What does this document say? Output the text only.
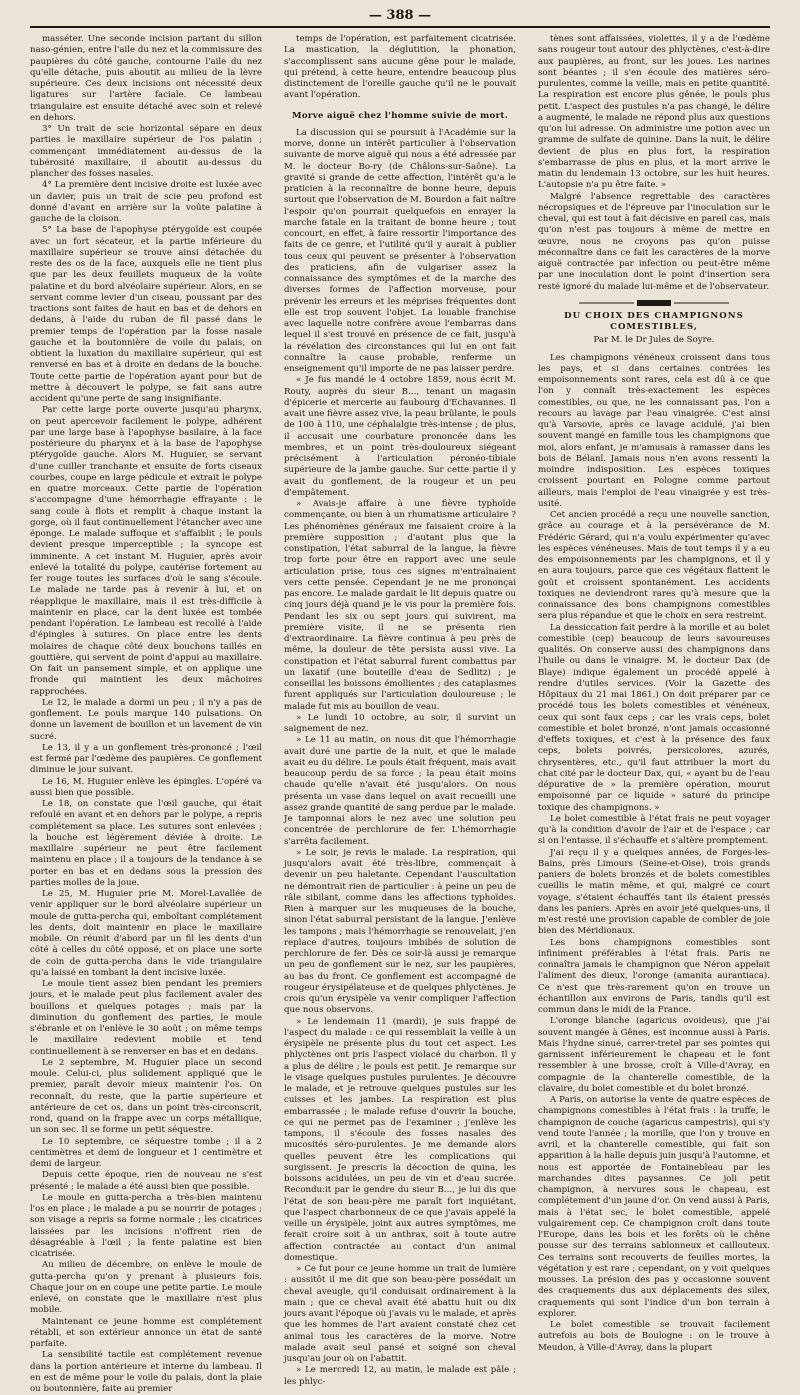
— 388 —

masséter. Une seconde incision partant du sillon naso-génien, entre l'aile du nez et la commissure des paupières du côté gauche, contourne l'aile du nez qu'elle détache, puis aboutit au milieu de la lèvre supérieure. Ces deux incisions ont nécessité deux ligatures sur l'artère faciale. Ce lambeau triangulaire est ensuite détaché avec soin et relevé en dehors.

3° Un trait de scie horizontal sépare en deux parties le maxillaire supérieur de l'os palatin ; commençant immédiatement au-dessus de la tubérosité maxillaire, il aboutit au-dessus du plancher des fosses nasales.

4° La première dent incisive droite est luxée avec un davier, puis un trait de scie peu profond est donné d'avant en arrière sur la voûte palatine à gauche de la cloison.

5° La base de l'apophyse ptérygoïde est coupée avec un fort sécateur, et la partie inférieure du maxillaire supérieur se trouve ainsi détachée du reste des os de la face, auxquels elle ne tient plus que par les deux feuillets muqueux de la voûte palatine et du bord alvéolaire supérieur. Alors, en se servant comme levier d'un ciseau, poussant par des tractions sont faites de haut en bas et de dehors en dedans, à l'aide du ruban de fil passé dans le premier temps de l'opération par la fosse nasale gauche et la boutonnière de voile du palais, on obtient la luxation du maxillaire supérieur, qui est renversé en bas et à droite en dedans de la bouche. Toute cette partie de l'opération ayant pour but de mettre à découvert le polype, se fait sans autre accident qu'une perte de sang insignifiante.

Par cette large porte ouverte jusqu'au pharynx, on peut apercevoir facilement le polype, adhérent par une large base à l'apophyse basilaire, à la face postérieure du pharynx et à la base de l'apophyse ptérygoïde gauche. Alors M. Huguier, se servant d'une cuiller tranchante et ensuite de forts ciseaux courbes, coupe en large pédicule et extrait le polype en quatre morceaux. Cette partie de l'opération s'accompagne d'une hémorrhagie effrayante : le sang coule à flots et remplit à chaque instant la gorge, où il faut continuellement l'étancher avec une éponge. Le malade suffoque et s'affaiblit ; le pouls devient presque imperceptible ; la syncope est imminente. A cet instant M. Huguier, après avoir enlevé la totalité du polype, cautérise fortement au fer rouge toutes les surfaces d'où le sang s'écoule. Le malade ne tarde pas à revenir à lui, et on réapplique le maxillaire, mais il est très-difficile à maintenir en place, car la dent luxée est tombée pendant l'opération. Le lambeau est recollé à l'aide d'épingles à sutures. On place entre les dents molaires de chaque côté deux bouchons taillés en gouttière, qui servent de point d'appui au maxillaire. On fait un pansement simple, et on applique une fronde qui maintient les deux mâchoires rapprochées.

Le 12, le malade a dormi un peu ; il n'y a pas de gonflement. Le pouls marque 140 pulsations. On donne un lavement de bouillon et un lavement de vin sucré.

Le 13, il y a un gonflement très-prononcé ; l'œil est fermé par l'œdème des paupières. Ce gonflement diminue le jour suivant.

Le 16, M. Huguier enlève les épingles. L'opéré va aussi bien que possible.

Le 18, on constate que l'œil gauche, qui était refoulé en avant et en dehors par le polype, a repris complétement sa place. Les sutures sont enlevées ; la bouche est légèrement déviée à droite. Le maxillaire supérieur ne peut être facilement maintenu en place ; il a toujours de la tendance à se porter en bas et en dedans sous la pression des parties molles de la joue.

Le 25, M. Huguier prie M. Morel-Lavallée de venir appliquer sur le bord alvéolaire supérieur un moule de gutta-percha qui, emboîtant complétement les dents, doit maintenir en place le maxillaire mobile. On réunit d'abord par un fil les dents d'un côté à celles du côté opposé, et on place une sorte de coin de gutta-percha dans le vide triangulaire qu'a laissé en tombant la dent incisive luxée.

Le moule tient assez bien pendant les premiers jours, et le malade peut plus facilement avaler des bouillons et quelques potages ; mais par la diminution du gonflement des parties, le moule s'ébranle et on l'enlève le 30 août ; on même temps le maxillaire redevient mobile et tend continuellement à se renverser en bas et en dedans.

Le 2 septembre, M. Huguier place un second moule. Celui-ci, plus solidement appliqué que le premier, paraît devoir mieux maintenir l'os. On reconnaît, du reste, que la partie supérieure et antérieure de cet os, dans un point très-circonscrit, rond, quand on la frappe avec un corps métallique, un son sec. Il se forme un petit séquestre.

Le 10 septembre, ce séquestre tombe ; il a 2 centimètres et demi de longueur et 1 centimètre et demi de largeur.

Depuis cette époque, rien de nouveau ne s'est présenté ; le malade a été aussi bien que possible.

Le moule en gutta-percha a très-bien maintenu l'os en place ; le malade a pu se nourrir de potages ; son visage a repris sa forme normale ; les cicatrices laissées par les incisions n'offrent rien de désagréable à l'œil ; la fente palatine est bien cicatrisée.

Au milieu de décembre, on enlève le moule de gutta-percha qu'on y prenant à plusieurs fois. Chaque jour on en coupe une petite partie. Le moule enlevé, on constate que le maxillaire n'est plus mobile.

Maintenant ce jeune homme est complétement rétabli, et son extérieur annonce un état de santé parfaite.

La sensibilité tactile est complétement revenue dans la portion antérieure et interne du lambeau. Il en est de même pour le voile du palais, dont la plaie ou boutonnière, faite au premier

temps de l'opération, est parfaitement cicatrisée. La mastication, la déglutition, la phonation, s'accomplissent sans aucune gêne pour le malade, qui prétend, à cette heure, entendre beaucoup plus distinctement de l'oreille gauche qu'il ne le pouvait avant l'opération.

Morve aiguë chez l'homme suivie de mort.

La discussion qui se poursuit à l'Académie sur la morve, donne un intérêt particulier à l'observation suivante de morve aiguë qui nous a été adressée par M. le docteur Bo-ry (de Châlons-sur-Saône). La gravité si grande de cette affection, l'intérêt qu'a le praticien à la reconnaître de bonne heure, depuis surtout que l'observation de M. Bourdon a fait naître l'espoir qu'on pourrait quelquefois en enrayer la marche fatale en la traitant de bonne heure ; tout concourt, en effet, à faire ressortir l'importance des faits de ce genre, et l'utilité qu'il y aurait à publier tous ceux qui peuvent se présenter à l'observation des praticiens, afin de vulgariser assez la connaissance des symptômes et de la marche des diverses formes de l'affection morveuse, pour prévenir les erreurs et les méprises fréquentes dont elle est trop souvent l'objet. La louable franchise avec laquelle notre confrère avoue l'embarras dans lequel il s'est trouvé en présence de ce fait, jusqu'à la révélation des circonstances qui lui en ont fait connaître la cause probable, renferme un enseignement qu'il importe de ne pas laisser perdre.

« Je fus mandé le 4 octobre 1859, nous écrit M. Routy, auprès du sieur B…, tenant un magasin d'épicerie et mercerie au faubourg d'Echavannes. Il avait une fièvre assez vive, la peau brûlante, le pouls de 100 à 110, une céphalalgie très-intense ; de plus, il accusait une courbature prononcée dans les membres, et un point très-douloureux siégeant précisément à l'articulation péronéo-tibiale supérieure de la jambe gauche. Sur cette partie il y avait du gonflement, de la rougeur et un peu d'empâtement.

» Avais-je affaire à une fièvre typhoïde commençante, ou bien à un rhumatisme articulaire ? Les phénomènes généraux me faisaient croire à la première supposition ; d'autant plus que la constipation, l'état saburral de la langue, la fièvre trop forte pour être en rapport avec une seule articulation prise, tous ces signes m'entraînaient vers cette pensée. Cependant je ne me prononçai pas encore. Le malade gardait le lit depuis quatre ou cinq jours déjà quand je le vis pour la première fois. Pendant les six ou sept jours qui suivirent, ma première visite, il ne se présenta rien d'extraordinaire. La fièvre continua à peu près de même, la douleur de tête persista aussi vive. La constipation et l'état saburral furent combattus par un laxatif (une bouteille d'eau de Sedlitz) ; je conseillai les boissons émollientes ; des cataplasmes furent appliqués sur l'articulation douloureuse ; le malade fut mis au bouillon de veau.

» Le lundi 10 octobre, au soir, il survint un saignement de nez.

» Le 11 au matin, on nous dit que l'hémorrhagie avait duré une partie de la nuit, et que le malade avait eu du délire. Le pouls était fréquent, mais avait beaucoup perdu de sa force ; la peau était moins chaude qu'elle n'avait été jusqu'alors. On nous présenta un vase dans lequel on avait recueilli une assez grande quantité de sang perdue par le malade. Je tamponnai alors le nez avec une solution peu concentrée de perchlorure de fer. L'hémorrhagie s'arrêta facilement.

» Le soir, je revis le malade. La respiration, qui jusqu'alors avait été très-libre, commençait à devenir un peu haletante. Cependant l'auscultation ne démontrait rien de particulier : à peine un peu de râle sibilant, comme dans les affections typhoïdes. Rien à marquer sur les muqueuses de la bouche, sinon l'état saburral persistant de la langue. J'enlève les tampons ; mais l'hémorrhagie se renouvelait, j'en replace d'autres, toujours imbibés de solution de perchlorure de fer. Dès ce soir-là aussi je remarque un peu de gonflement sur le nez, sur les paupières, au bas du front. Ce gonflement est accompagné de rougeur érysipélateuse et de quelques phlyctènes. Je crois qu'un érysipèle va venir compliquer l'affection que nous observons.

» Le lendemain 11 (mardi), je suis frappé de l'aspect du malade : ce qui ressemblait la veille à un érysipèle ne présente plus du tout cet aspect. Les phlyctènes ont pris l'aspect violacé du charbon. Il y a plus de délire ; le pouls est petit. Je remarque sur le visage quelques pustules purulentes. Je découvre le malade, et je retrouve quelques pustules sur les cuisses et les jambes. La respiration est plus embarrassée ; le malade refuse d'ouvrir la bouche, ce qui ne permet pas de l'examiner ; j'enlève les tampons, il s'écoule des fosses nasales des mucosités séro-purulentes. Je me demande alors quelles peuvent être les complications qui surgissent. Je prescris la décoction de quina, les boissons acidulées, un peu de vin et d'eau sucrée. Recondu:it par le gendre du sieur B…, je lui dis que l'état de son beau-père me paraît fort inquiétant, que l'aspect charbonneux de ce que j'avais appelé la veille un érysipèle, joint aux autres symptômes, me ferait croire soit à un anthrax, soit à toute autre affection contractée au contact d'un animal domestique.

» Ce fut pour ce jeune homme un trait de lumière : aussitôt il me dit que son beau-père possédait un cheval aveugle, qu'il conduisait ordinairement à la main ; que ce cheval avait été abattu huit ou dix jours avant l'époque où j'avais vu le malade, et après que les hommes de l'art avaient constaté chez cet animal tous les caractères de la morve. Notre malade avait seul pansé et soigné son cheval jusqu'au jour où on l'abattit.

» Le mercredi 12, au matin, le malade est pâle ; les phlyc-

tènes sont affaissées, violettes, il y a de l'œdème sans rougeur tout autour des phlyctènes, c'est-à-dire aux paupières, au front, sur les joues. Les narines sont béantes ; il s'en écoule des matières séro-purulentes, comme la veille, mais en petite quantité. La respiration est encore plus gênée, le pouls plus petit. L'aspect des pustules n'a pas changé, le délire a augmenté, le malade ne répond plus aux questions qu'on lui adresse. On administre une potion avec un gramme de sulfate de quinine. Dans la nuit, le délire devient de plus en plus fort, la respiration s'embarrasse de plus en plus, et la mort arrive le matin du lendemain 13 octobre, sur les huit heures. L'autopsie n'a pu être faite. »

Malgré l'absence regrettable des caractères nécropsiques et de l'épreuve par l'inoculation sur le cheval, qui est tout à fait décisive en pareil cas, mais qu'on n'est pas toujours à même de mettre en œuvre, nous ne croyons pas qu'on puisse méconnaître dans ce fait les caractères de la morve aiguë contractée par infection ou peut-être même par une inoculation dont le point d'insertion sera resté ignoré du malade lui-même et de l'observateur.

DU CHOIX DES CHAMPIGNONS COMESTIBLES,
Par M. le Dr Jules de Soyre.

Les champignons vénéneux croissent dans tous les pays, et si dans certaines contrées les empoisonnements sont rares, cela est dû à ce que l'on y connaît très-exactement les espèces comestibles, ou que, ne les connaissant pas, l'on a recours au lavage par l'eau vinaigrée. C'est ainsi qu'à Varsovie, après ce lavage acidulé, j'ai bien souvent mangé en famille tous les champignons que moi, alors enfant, je m'amusais à ramasser dans les bois de Bélanî. Jamais nous n'en avons ressenti la moindre indisposition. Les espèces toxiques croissent pourtant en Pologne comme partout ailleurs, mais l'emploi de l'eau vinaigrée y est très-usité.

Cet ancien procédé a reçu une nouvelle sanction, grâce au courage et à la persévérance de M. Frédéric Gérard, qui n'a voulu expérimenter qu'avec les espèces vénéneuses. Mais de tout temps il y a eu des empoisonnements par les champignons, et il y en aura toujours, parce que ces végétaux flattent le goût et croissent spontanément. Les accidents toxiques ne deviendront rares qu'à mesure que la connaissance des bons champignons comestibles sera plus répandue et que le choix en sera restreint.

La dessiccation fait perdre à la morille et au bolet comestible (cep) beaucoup de leurs savoureuses qualités. On conserve aussi des champignons dans l'huile ou dans le vinaigre. M. le docteur Dax (de Blaye) indique également un procédé appelé à rendre d'utiles services. (Voir la Gazette des Hôpitaux du 21 mai 1861.) On doit préparer par ce procédé tous les bolets comestibles et vénéneux, ceux qui sont faux ceps ; car les vrais ceps, bolet comestible et bolet bronzé, n'ont jamais occasionné d'effets toxiques, et c'est à la présence des faux ceps, bolets poivrés, persicolores, azurés, chrysentères, etc., qu'il faut attribuer la mort du chat cité par le docteur Dax, qui, « ayant bu de l'eau dépurative de » la première opération, mourut empoisonné par ce liquide » saturé du principe toxique des champignons. »

Le bolet comestible à l'état frais ne peut voyager qu'à la condition d'avoir de l'air et de l'espace ; car si on l'entasse, il s'échauffe et s'altère promptement.

J'ai reçu il y a quelques années, de Forges-les-Bains, près Limours (Seine-et-Oise), trois grands paniers de bolets bronzés et de bolets comestibles cueillis le matin même, et qui, malgré ce court voyage, s'étaient échauffés tant ils étaient pressés dans les paniers. Après en avoir jeté quelques-uns, il m'est resté une provision capable de combler de joie bien des Méridionaux.

Les bons champignons comestibles sont infiniment préférables à l'état frais. Paris ne connaîtra jamais le champignon que Néron appelait l'aliment des dieux, l'oronge (amanita aurantiaca). Ce n'est que très-rarement qu'on en trouve un échantillon aux environs de Paris, tandis qu'il est commun dans le midi de la France.

L'oronge blanche (agaricus ovoideus), que j'ai souvent mangée à Gênes, est inconnue aussi à Paris. Mais l'hydne sinué, carrer-tretel par ses pointes qui garnissent inférieurement le chapeau et le font ressembler à une brosse, croît à Ville-d'Avray, en compagnie de la chanterelle comestible, de la clavaire, du bolet comestible et du bolet bronzé.

A Paris, on autorise la vente de quatre espèces de champignons comestibles à l'état frais : la truffe, le champignon de couche (agaricus campestris), qui s'y vend toute l'année ; la morille, que l'on y trouve en avril, et la chanterelle comestible, qui fait son apparition à la halle depuis juin jusqu'à l'automne, et nous est apportée de Fontainebleau par les marchandes dites paysannes. Ce joli petit champignon, à nervures sous le chapeau, est complétement d'un jaune d'or. On vend aussi à Paris, mais à l'état sec, le bolet comestible, appelé vulgairement cep. Ce champignon croît dans toute l'Europe, dans les bois et les forêts où le chêne pousse sur des terrains sablonneux et caillouteux. Ces terrains sont recouverts de feuilles mortes, la végétation y est rare ; cependant, on y voit quelques mousses. La présion des pas y occasionne souvent des craquements dus aux déplacements des silex, craquements qui sont l'indice d'un bon terrain à explorer.

Le bolet comestible se trouvait facilement autrefois au bois de Boulogne : on le trouve à Meudon, à Ville-d'Avray, dans la plupart
